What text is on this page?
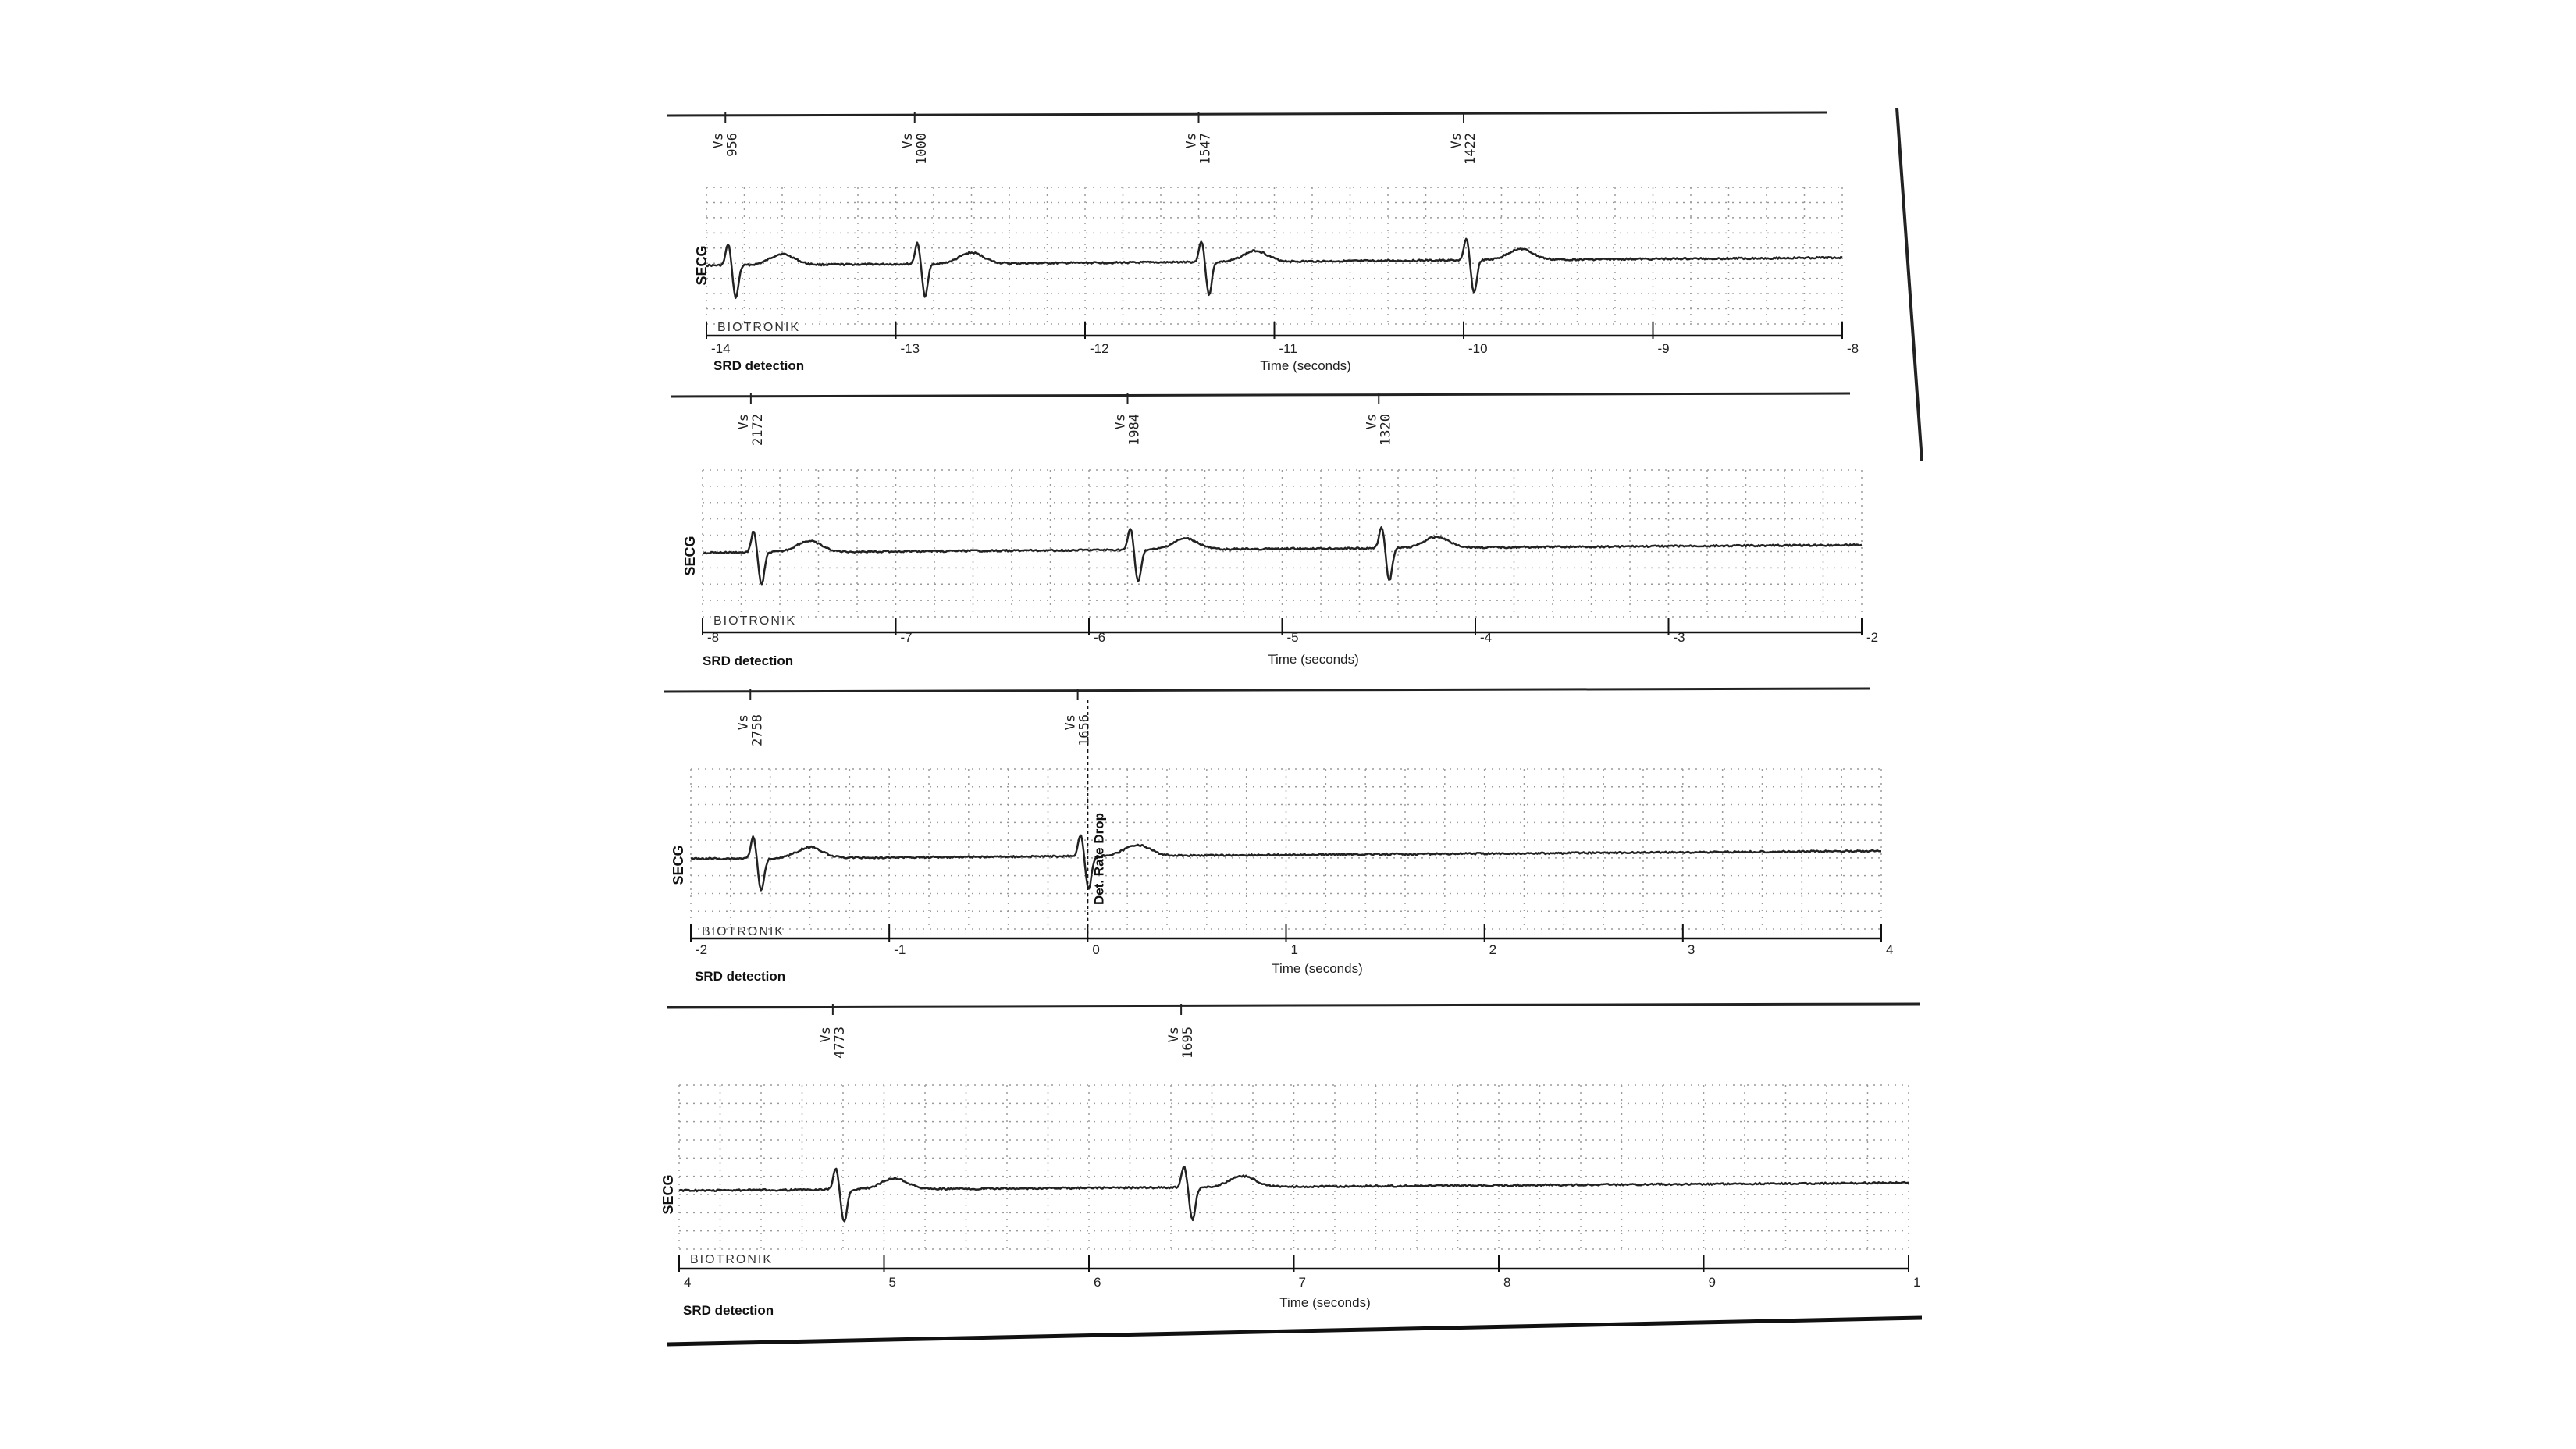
SECG
Vs
956	Vs
1000	Vs
1547	Vs
1422
BIOTRONIK
-14	-13	-12	-11	-10	-9	-8
Time (seconds)
SRD detection
SECG
Vs
2172	Vs
1984	Vs
1320
BIOTRONIK
-8	-7	-6	-5	-4	-3	-2
Time (seconds)
SRD detection
SECG
Vs
2758	Vs
1656
Det. Rate Drop
BIOTRONIK
-2	-1	0	1	2	3	4
Time (seconds)
SRD detection
SECG
Vs
4773	Vs
1695
BIOTRONIK
4	5	6	7	8	9	1
Time (seconds)
SRD detection
